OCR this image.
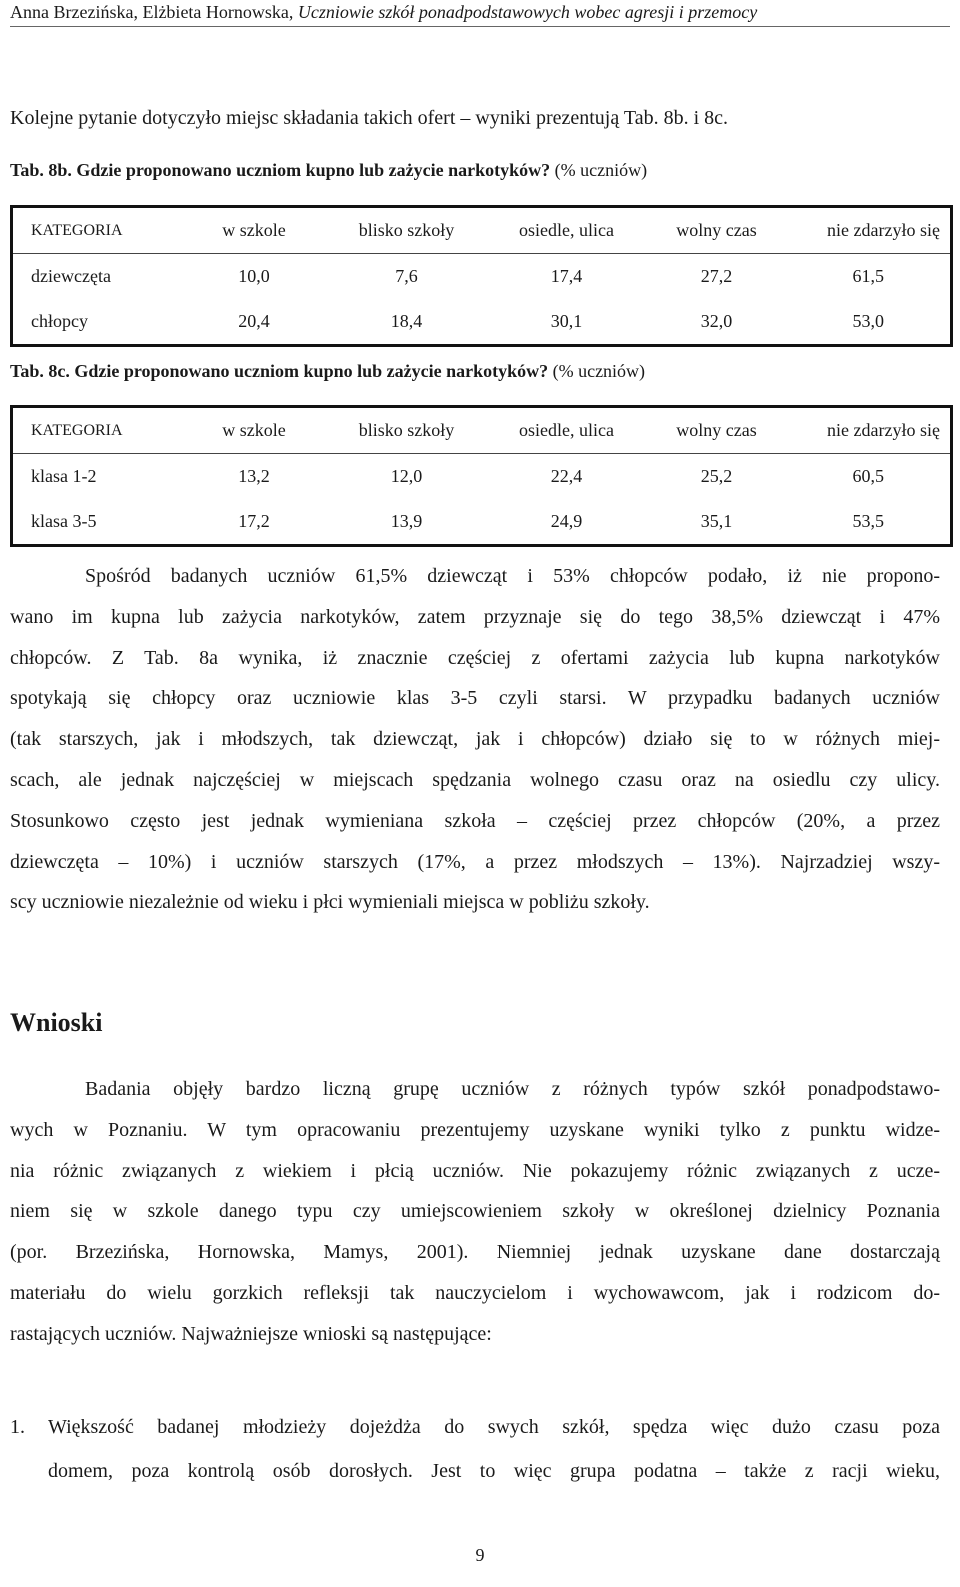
Anna Brzezińska, Elżbieta Hornowska, Uczniowie szkół ponadpodstawowych wobec agresji i przemocy
Kolejne pytanie dotyczyło miejsc składania takich ofert – wyniki prezentują Tab. 8b. i 8c.
Tab. 8b. Gdzie proponowano uczniom kupno lub zażycie narkotyków? (% uczniów)
KATEGORIA	w szkole	blisko szkoły	osiedle, ulica	wolny czas	nie zdarzyło się
dziewczęta	10,0	7,6	17,4	27,2	61,5
chłopcy	20,4	18,4	30,1	32,0	53,0
Tab. 8c. Gdzie proponowano uczniom kupno lub zażycie narkotyków? (% uczniów)
KATEGORIA	w szkole	blisko szkoły	osiedle, ulica	wolny czas	nie zdarzyło się
klasa 1-2	13,2	12,0	22,4	25,2	60,5
klasa 3-5	17,2	13,9	24,9	35,1	53,5
Spośród badanych uczniów 61,5% dziewcząt i 53% chłopców podało, iż nie propono-
wano im kupna lub zażycia narkotyków, zatem przyznaje się do tego 38,5% dziewcząt i 47%
chłopców. Z Tab. 8a wynika, iż znacznie częściej z ofertami zażycia lub kupna narkotyków
spotykają się chłopcy oraz uczniowie klas 3-5 czyli starsi. W przypadku badanych uczniów
(tak starszych, jak i młodszych, tak dziewcząt, jak i chłopców) działo się to w różnych miej-
scach, ale jednak najczęściej w miejscach spędzania wolnego czasu oraz na osiedlu czy ulicy.
Stosunkowo często jest jednak wymieniana szkoła – częściej przez chłopców (20%, a przez
dziewczęta – 10%) i uczniów starszych (17%, a przez młodszych – 13%). Najrzadziej wszy-
scy uczniowie niezależnie od wieku i płci wymieniali miejsca w pobliżu szkoły.
Wnioski
Badania objęły bardzo liczną grupę uczniów z różnych typów szkół ponadpodstawo-
wych w Poznaniu. W tym opracowaniu prezentujemy uzyskane wyniki tylko z punktu widze-
nia różnic związanych z wiekiem i płcią uczniów. Nie pokazujemy różnic związanych z ucze-
niem się w szkole danego typu czy umiejscowieniem szkoły w określonej dzielnicy Poznania
(por. Brzezińska, Hornowska, Mamys, 2001). Niemniej jednak uzyskane dane dostarczają
materiału do wielu gorzkich refleksji tak nauczycielom i wychowawcom, jak i rodzicom do-
rastających uczniów. Najważniejsze wnioski są następujące:
1. Większość badanej młodzieży dojeżdża do swych szkół, spędza więc dużo czasu poza
domem, poza kontrolą osób dorosłych. Jest to więc grupa podatna – także z racji wieku,
9
